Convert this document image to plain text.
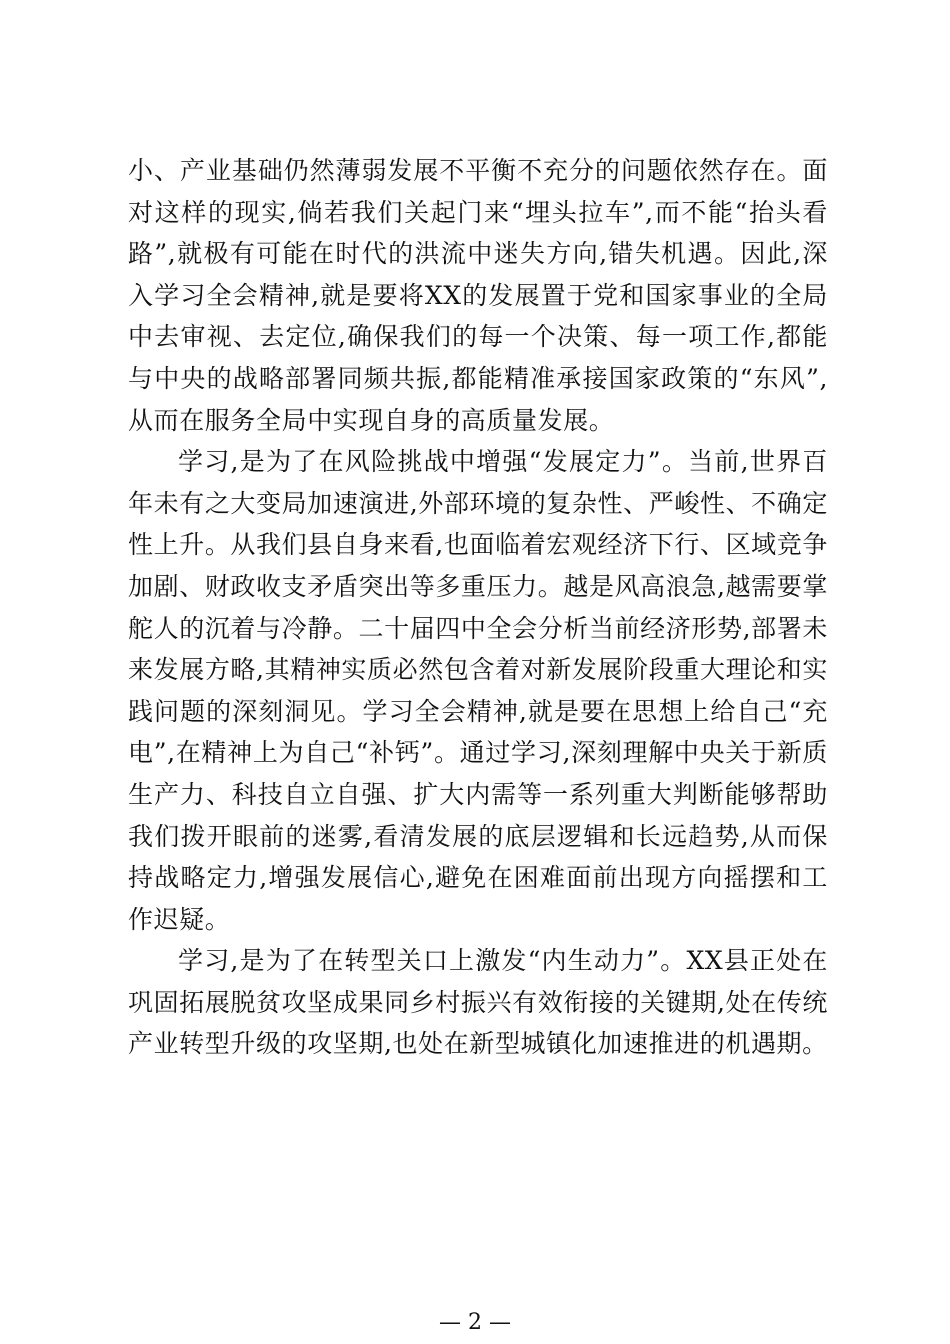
小、产业基础仍然薄弱发展不平衡不充分的问题依然存在。面对这样的现实,倘若我们关起门来“埋头拉车”,而不能“抬头看路”,就极有可能在时代的洪流中迷失方向,错失机遇。因此,深入学习全会精神,就是要将XX的发展置于党和国家事业的全局中去审视、去定位,确保我们的每一个决策、每一项工作,都能与中央的战略部署同频共振,都能精准承接国家政策的“东风”,从而在服务全局中实现自身的高质量发展。

学习,是为了在风险挑战中增强“发展定力”。当前,世界百年未有之大变局加速演进,外部环境的复杂性、严峻性、不确定性上升。从我们县自身来看,也面临着宏观经济下行、区域竞争加剧、财政收支矛盾突出等多重压力。越是风高浪急,越需要掌舵人的沉着与冷静。二十届四中全会分析当前经济形势,部署未来发展方略,其精神实质必然包含着对新发展阶段重大理论和实践问题的深刻洞见。学习全会精神,就是要在思想上给自己“充电”,在精神上为自己“补钙”。通过学习,深刻理解中央关于新质生产力、科技自立自强、扩大内需等一系列重大判断能够帮助我们拨开眼前的迷雾,看清发展的底层逻辑和长远趋势,从而保持战略定力,增强发展信心,避免在困难面前出现方向摇摆和工作迟疑。

学习,是为了在转型关口上激发“内生动力”。XX县正处在巩固拓展脱贫攻坚成果同乡村振兴有效衔接的关键期,处在传统产业转型升级的攻坚期,也处在新型城镇化加速推进的机遇期。

— 2 —
